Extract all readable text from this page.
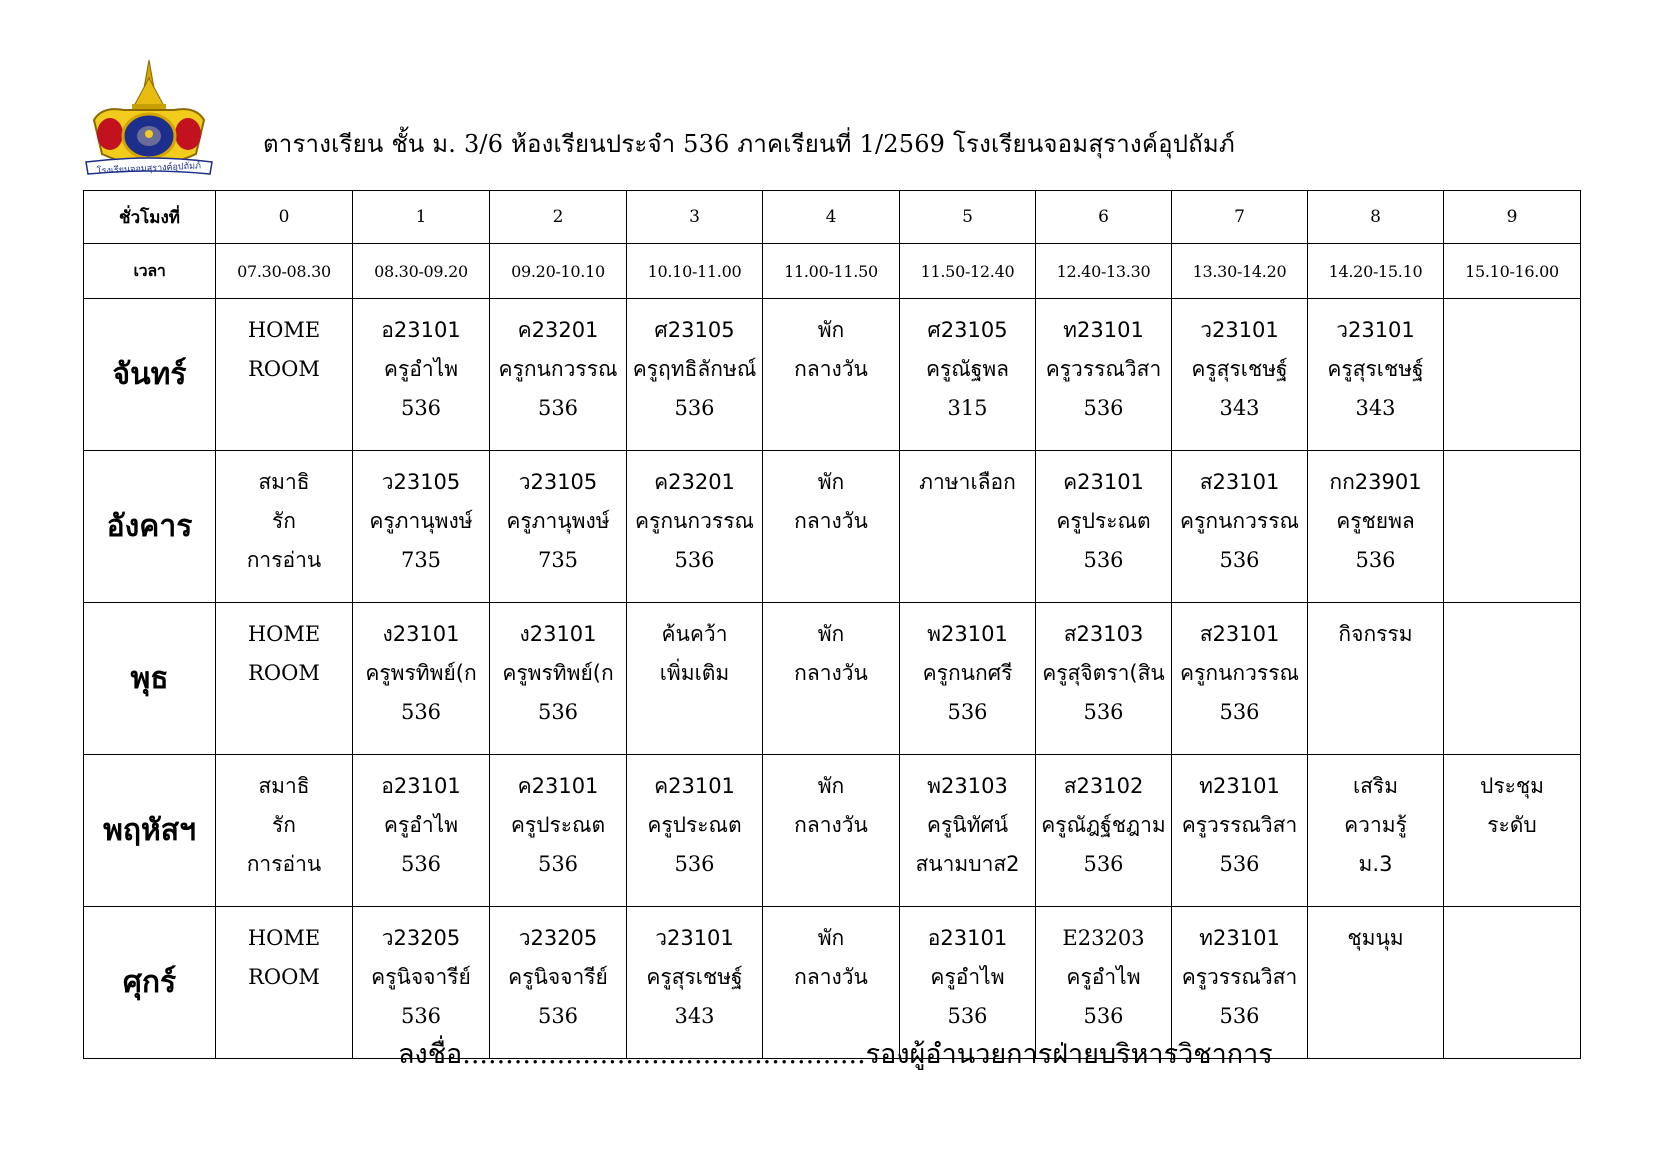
โรงเรียนจอมสุรางค์อุปถัมภ์
ตารางเรียน ชั้น ม. 3/6 ห้องเรียนประจำ 536 ภาคเรียนที่ 1/2569 โรงเรียนจอมสุรางค์อุปถัมภ์
ชั่วโมงที่	0	1	2	3	4	5	6	7	8	9
เวลา	07.30-08.30	08.30-09.20	09.20-10.10	10.10-11.00	11.00-11.50	11.50-12.40	12.40-13.30	13.30-14.20	14.20-15.10	15.10-16.00
จันทร์	HOME
ROOM	อ23101
ครูอำไพ
536	ค23201
ครูกนกวรรณ
536	ศ23105
ครูฤทธิลักษณ์
536	พัก
กลางวัน	ศ23105
ครูณัฐพล
315	ท23101
ครูวรรณวิสา
536	ว23101
ครูสุรเชษฐ์
343	ว23101
ครูสุรเชษฐ์
343	

อังคาร	สมาธิ
รัก
การอ่าน	ว23105
ครูภานุพงษ์
735	ว23105
ครูภานุพงษ์
735	ค23201
ครูกนกวรรณ
536	พัก
กลางวัน	ภาษาเลือก	ค23101
ครูประณต
536	ส23101
ครูกนกวรรณ
536	กก23901
ครูชยพล
536	

พุธ	HOME
ROOM	ง23101
ครูพรทิพย์(ก
536	ง23101
ครูพรทิพย์(ก
536	ค้นคว้า
เพิ่มเติม	พัก
กลางวัน	พ23101
ครูกนกศรี
536	ส23103
ครูสุจิตรา(สิน
536	ส23101
ครูกนกวรรณ
536	กิจกรรม	

พฤหัสฯ	สมาธิ
รัก
การอ่าน	อ23101
ครูอำไพ
536	ค23101
ครูประณต
536	ค23101
ครูประณต
536	พัก
กลางวัน	พ23103
ครูนิทัศน์
สนามบาส2	ส23102
ครูณัฎฐ์ชฎาม
536	ท23101
ครูวรรณวิสา
536	เสริม
ความรู้
ม.3	ประชุม
ระดับ

ศุกร์	HOME
ROOM	ว23205
ครูนิจจารีย์
536	ว23205
ครูนิจจารีย์
536	ว23101
ครูสุรเชษฐ์
343	พัก
กลางวัน	อ23101
ครูอำไพ
536	E23203
ครูอำไพ
536	ท23101
ครูวรรณวิสา
536	ชุมนุม	

ลงชื่อ...............................................รองผู้อำนวยการฝ่ายบริหารวิชาการ
